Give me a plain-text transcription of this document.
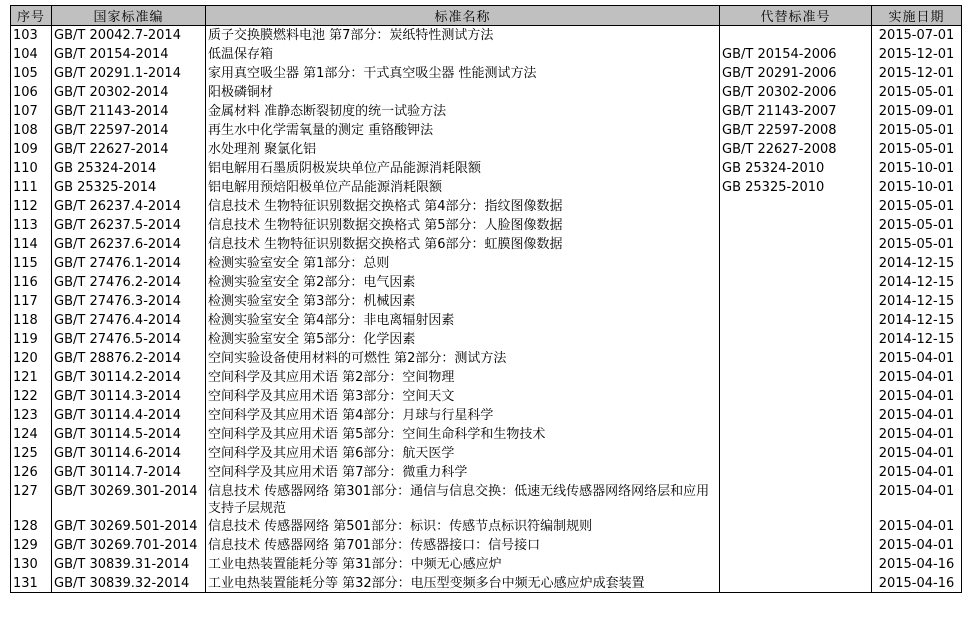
序号	国家标准编	标准名称	代替标准号	实施日期
103	GB/T 20042.7-2014	质子交换膜燃料电池 第7部分：炭纸特性测试方法		2015-07-01
104	GB/T 20154-2014	低温保存箱	GB/T 20154-2006	2015-12-01
105	GB/T 20291.1-2014	家用真空吸尘器 第1部分：干式真空吸尘器 性能测试方法	GB/T 20291-2006	2015-12-01
106	GB/T 20302-2014	阳极磷铜材	GB/T 20302-2006	2015-05-01
107	GB/T 21143-2014	金属材料 准静态断裂韧度的统一试验方法	GB/T 21143-2007	2015-09-01
108	GB/T 22597-2014	再生水中化学需氧量的测定 重铬酸钾法	GB/T 22597-2008	2015-05-01
109	GB/T 22627-2014	水处理剂 聚氯化铝	GB/T 22627-2008	2015-05-01
110	GB 25324-2014	铝电解用石墨质阴极炭块单位产品能源消耗限额	GB 25324-2010	2015-10-01
111	GB 25325-2014	铝电解用预焙阳极单位产品能源消耗限额	GB 25325-2010	2015-10-01
112	GB/T 26237.4-2014	信息技术 生物特征识别数据交换格式 第4部分：指纹图像数据		2015-05-01
113	GB/T 26237.5-2014	信息技术 生物特征识别数据交换格式 第5部分：人脸图像数据		2015-05-01
114	GB/T 26237.6-2014	信息技术 生物特征识别数据交换格式 第6部分：虹膜图像数据		2015-05-01
115	GB/T 27476.1-2014	检测实验室安全 第1部分：总则		2014-12-15
116	GB/T 27476.2-2014	检测实验室安全 第2部分：电气因素		2014-12-15
117	GB/T 27476.3-2014	检测实验室安全 第3部分：机械因素		2014-12-15
118	GB/T 27476.4-2014	检测实验室安全 第4部分：非电离辐射因素		2014-12-15
119	GB/T 27476.5-2014	检测实验室安全 第5部分：化学因素		2014-12-15
120	GB/T 28876.2-2014	空间实验设备使用材料的可燃性 第2部分：测试方法		2015-04-01
121	GB/T 30114.2-2014	空间科学及其应用术语 第2部分：空间物理		2015-04-01
122	GB/T 30114.3-2014	空间科学及其应用术语 第3部分：空间天文		2015-04-01
123	GB/T 30114.4-2014	空间科学及其应用术语 第4部分：月球与行星科学		2015-04-01
124	GB/T 30114.5-2014	空间科学及其应用术语 第5部分：空间生命科学和生物技术		2015-04-01
125	GB/T 30114.6-2014	空间科学及其应用术语 第6部分：航天医学		2015-04-01
126	GB/T 30114.7-2014	空间科学及其应用术语 第7部分：微重力科学		2015-04-01
127	GB/T 30269.301-2014	信息技术 传感器网络 第301部分：通信与信息交换：低速无线传感器网络网络层和应用支持子层规范		2015-04-01
128	GB/T 30269.501-2014	信息技术 传感器网络 第501部分：标识：传感节点标识符编制规则		2015-04-01
129	GB/T 30269.701-2014	信息技术 传感器网络 第701部分：传感器接口：信号接口		2015-04-01
130	GB/T 30839.31-2014	工业电热装置能耗分等 第31部分：中频无心感应炉		2015-04-16
131	GB/T 30839.32-2014	工业电热装置能耗分等 第32部分：电压型变频多台中频无心感应炉成套装置		2015-04-16
